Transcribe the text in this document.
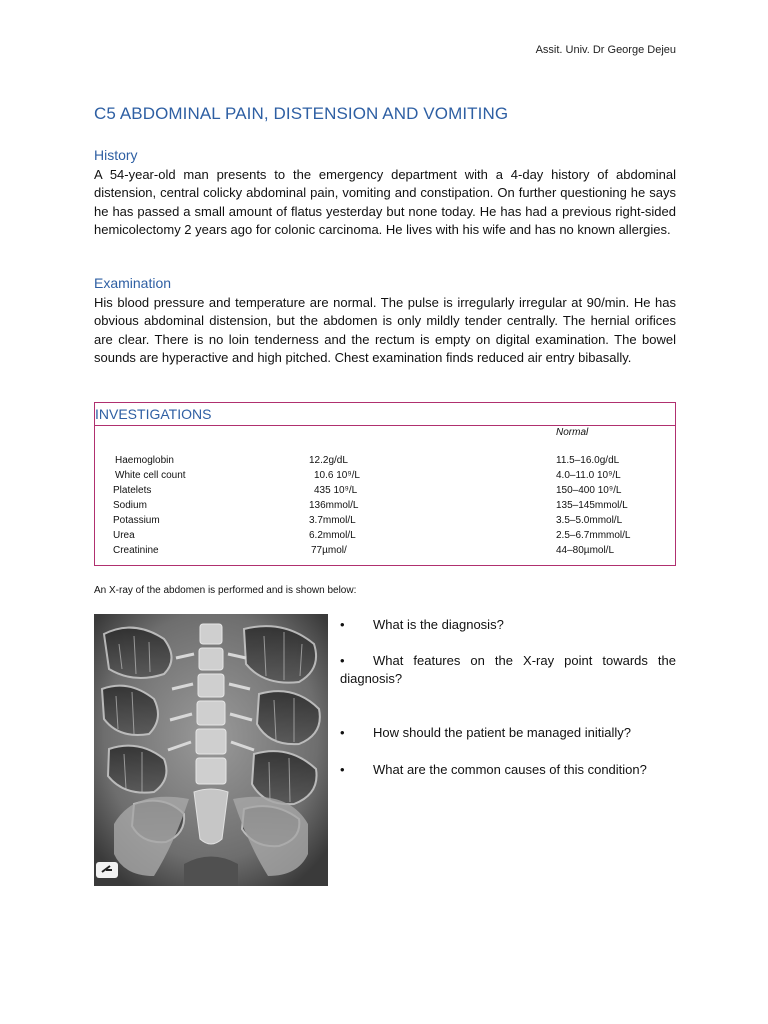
Assit. Univ. Dr George Dejeu
C5 ABDOMINAL PAIN, DISTENSION AND VOMITING
History
A 54-year-old man presents to the emergency department with a 4-day history of abdominal distension, central colicky abdominal pain, vomiting and constipation. On further questioning he says he has passed a small amount of flatus yesterday but none today. He has had a previous right-sided hemicolectomy 2 years ago for colonic carcinoma. He lives with his wife and has no known allergies.
Examination
His blood pressure and temperature are normal. The pulse is irregularly irregular at 90/min. He has obvious abdominal distension, but the abdomen is only mildly tender centrally. The hernial orifices are clear. There is no loin tenderness and the rectum is empty on digital examination. The bowel sounds are hyperactive and high pitched. Chest examination finds reduced air entry bibasally.
INVESTIGATIONS
Normal
Haemoglobin	12.2g/dL	11.5–16.0g/dL
White cell count	10.6 10⁹/L	4.0–11.0 10⁹/L
Platelets	435 10⁹/L	150–400 10⁹/L
Sodium	136mmol/L	135–145mmol/L
Potassium	3.7mmol/L	3.5–5.0mmol/L
Urea	6.2mmol/L	2.5–6.7mmmol/L
Creatinine	77µmol/	44–80µmol/L
An X-ray of the abdomen is performed and is shown below:
• What is the diagnosis?
• What features on the X-ray point towards the diagnosis?
• How should the patient be managed initially?
• What are the common causes of this condition?
